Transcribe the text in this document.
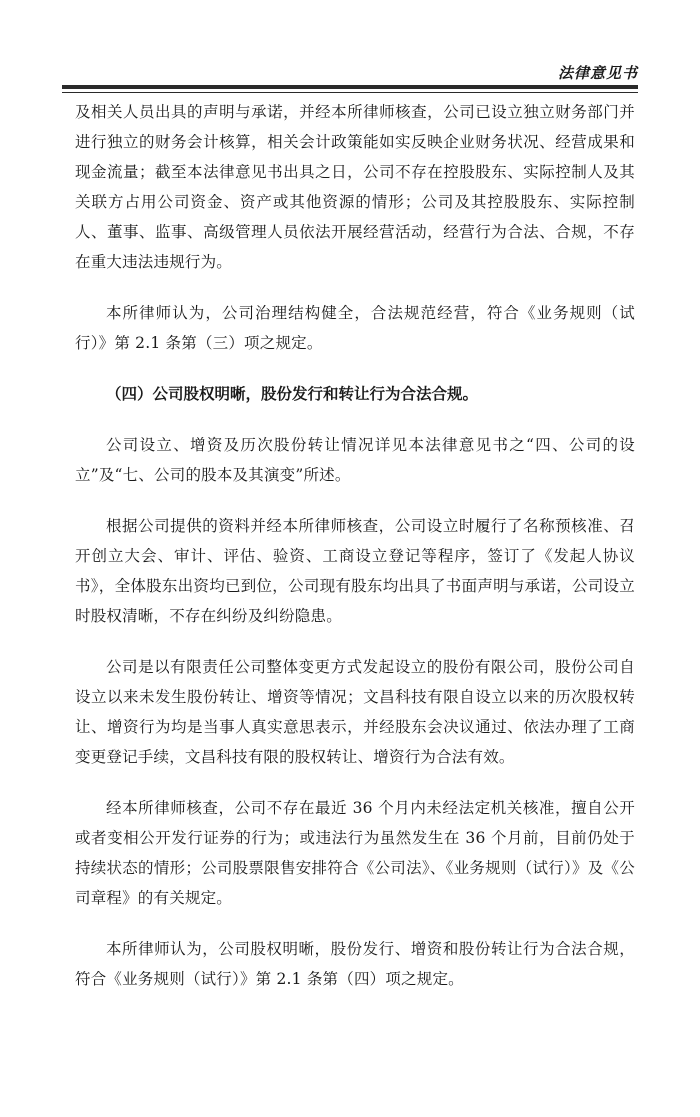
法律意见书

及相关人员出具的声明与承诺，并经本所律师核查，公司已设立独立财务部门并进行独立的财务会计核算，相关会计政策能如实反映企业财务状况、经营成果和现金流量；截至本法律意见书出具之日，公司不存在控股股东、实际控制人及其关联方占用公司资金、资产或其他资源的情形；公司及其控股股东、实际控制人、董事、监事、高级管理人员依法开展经营活动，经营行为合法、合规，不存在重大违法违规行为。

本所律师认为，公司治理结构健全，合法规范经营，符合《业务规则（试行）》第 2.1 条第（三）项之规定。

（四）公司股权明晰，股份发行和转让行为合法合规。

公司设立、增资及历次股份转让情况详见本法律意见书之“四、公司的设立”及“七、公司的股本及其演变”所述。

根据公司提供的资料并经本所律师核查，公司设立时履行了名称预核准、召开创立大会、审计、评估、验资、工商设立登记等程序，签订了《发起人协议书》，全体股东出资均已到位，公司现有股东均出具了书面声明与承诺，公司设立时股权清晰，不存在纠纷及纠纷隐患。

公司是以有限责任公司整体变更方式发起设立的股份有限公司，股份公司自设立以来未发生股份转让、增资等情况；文昌科技有限自设立以来的历次股权转让、增资行为均是当事人真实意思表示，并经股东会决议通过、依法办理了工商变更登记手续，文昌科技有限的股权转让、增资行为合法有效。

经本所律师核查，公司不存在最近 36 个月内未经法定机关核准，擅自公开或者变相公开发行证券的行为；或违法行为虽然发生在 36 个月前，目前仍处于持续状态的情形；公司股票限售安排符合《公司法》、《业务规则（试行）》及《公司章程》的有关规定。

本所律师认为，公司股权明晰，股份发行、增资和股份转让行为合法合规，符合《业务规则（试行）》第 2.1 条第（四）项之规定。
